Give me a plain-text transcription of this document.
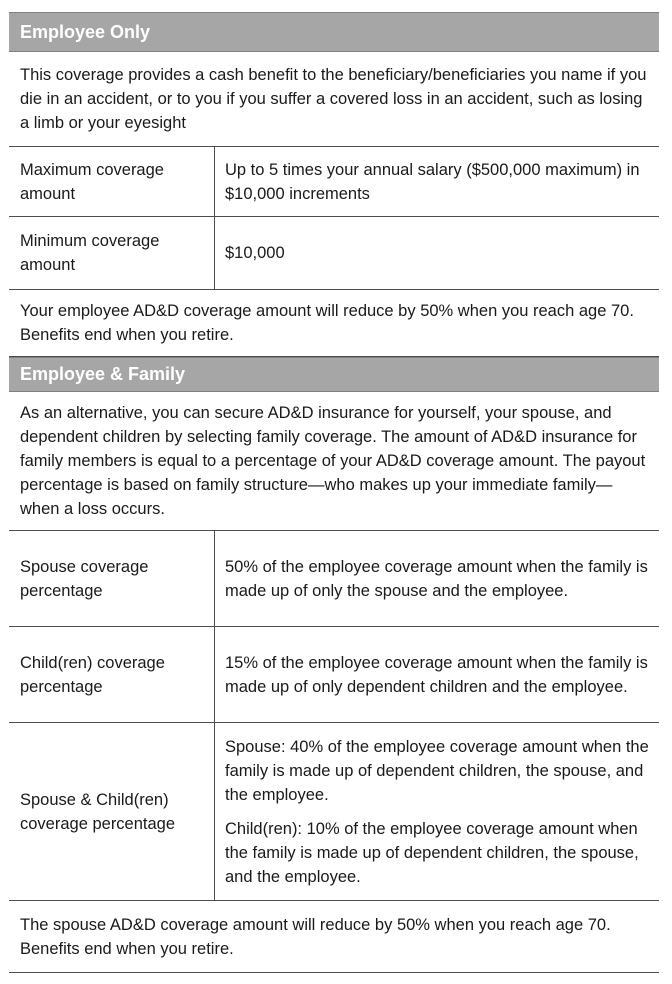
Employee Only
This coverage provides a cash benefit to the beneficiary/beneficiaries you name if you die in an accident, or to you if you suffer a covered loss in an accident, such as losing a limb or your eyesight
Maximum coverage amount
Up to 5 times your annual salary ($500,000 maximum) in $10,000 increments
Minimum coverage amount
$10,000
Your employee AD&D coverage amount will reduce by 50% when you reach age 70. Benefits end when you retire.
Employee & Family
As an alternative, you can secure AD&D insurance for yourself, your spouse, and dependent children by selecting family coverage. The amount of AD&D insurance for family members is equal to a percentage of your AD&D coverage amount. The payout percentage is based on family structure—who makes up your immediate family—when a loss occurs.
Spouse coverage percentage
50% of the employee coverage amount when the family is made up of only the spouse and the employee.
Child(ren) coverage percentage
15% of the employee coverage amount when the family is made up of only dependent children and the employee.
Spouse & Child(ren) coverage percentage
Spouse: 40% of the employee coverage amount when the family is made up of dependent children, the spouse, and the employee.
Child(ren): 10% of the employee coverage amount when the family is made up of dependent children, the spouse, and the employee.
The spouse AD&D coverage amount will reduce by 50% when you reach age 70. Benefits end when you retire.
